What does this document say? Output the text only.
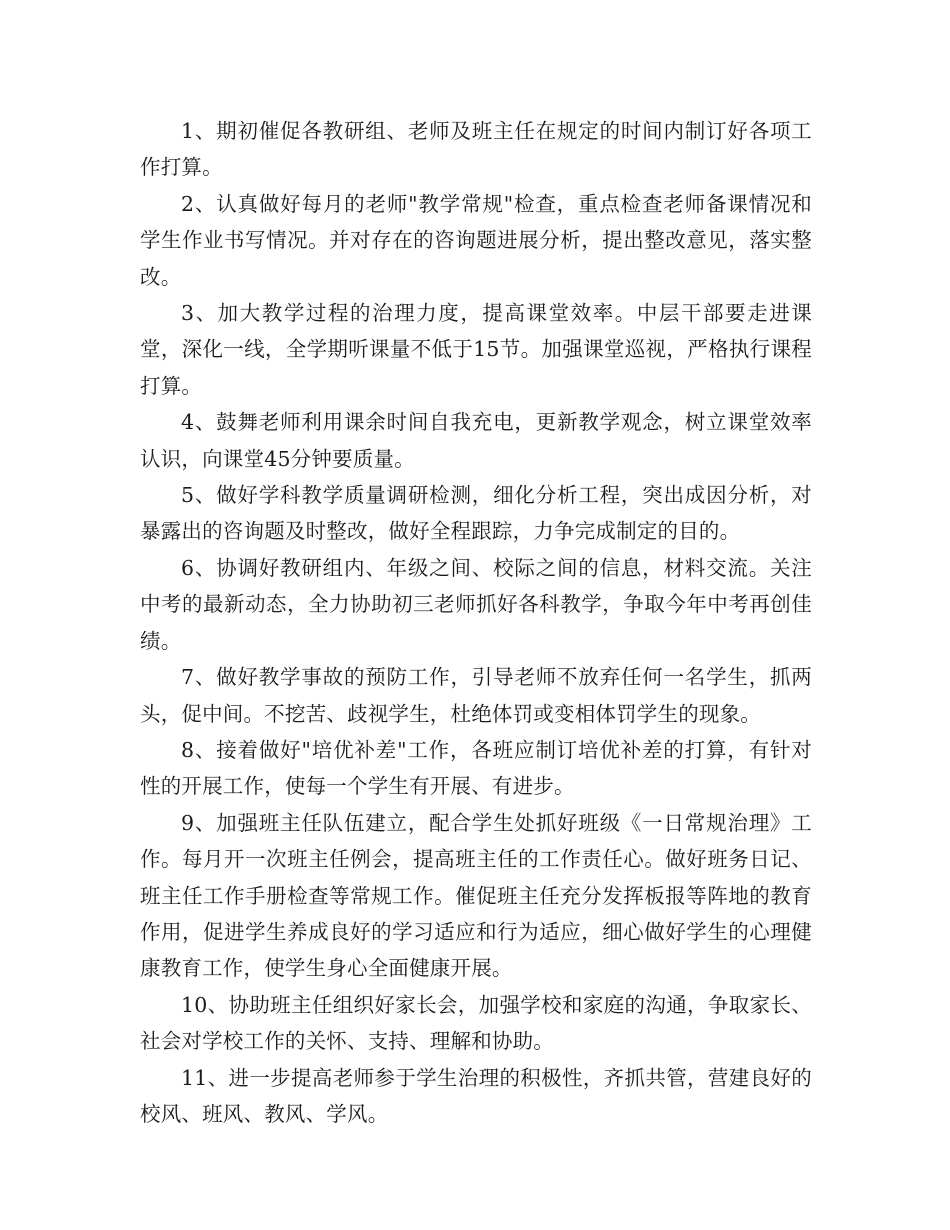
1、期初催促各教研组、老师及班主任在规定的时间内制订好各项工作打算。

2、认真做好每月的老师"教学常规"检查，重点检查老师备课情况和学生作业书写情况。并对存在的咨询题进展分析，提出整改意见，落实整改。

3、加大教学过程的治理力度，提高课堂效率。中层干部要走进课堂，深化一线，全学期听课量不低于15节。加强课堂巡视，严格执行课程打算。

4、鼓舞老师利用课余时间自我充电，更新教学观念，树立课堂效率认识，向课堂45分钟要质量。

5、做好学科教学质量调研检测，细化分析工程，突出成因分析，对暴露出的咨询题及时整改，做好全程跟踪，力争完成制定的目的。

6、协调好教研组内、年级之间、校际之间的信息，材料交流。关注中考的最新动态，全力协助初三老师抓好各科教学，争取今年中考再创佳绩。

7、做好教学事故的预防工作，引导老师不放弃任何一名学生，抓两头，促中间。不挖苦、歧视学生，杜绝体罚或变相体罚学生的现象。

8、接着做好"培优补差"工作，各班应制订培优补差的打算，有针对性的开展工作，使每一个学生有开展、有进步。

9、加强班主任队伍建立，配合学生处抓好班级《一日常规治理》工作。每月开一次班主任例会，提高班主任的工作责任心。做好班务日记、班主任工作手册检查等常规工作。催促班主任充分发挥板报等阵地的教育作用，促进学生养成良好的学习适应和行为适应，细心做好学生的心理健康教育工作，使学生身心全面健康开展。

10、协助班主任组织好家长会，加强学校和家庭的沟通，争取家长、社会对学校工作的关怀、支持、理解和协助。

11、进一步提高老师参于学生治理的积极性，齐抓共管，营建良好的校风、班风、教风、学风。
